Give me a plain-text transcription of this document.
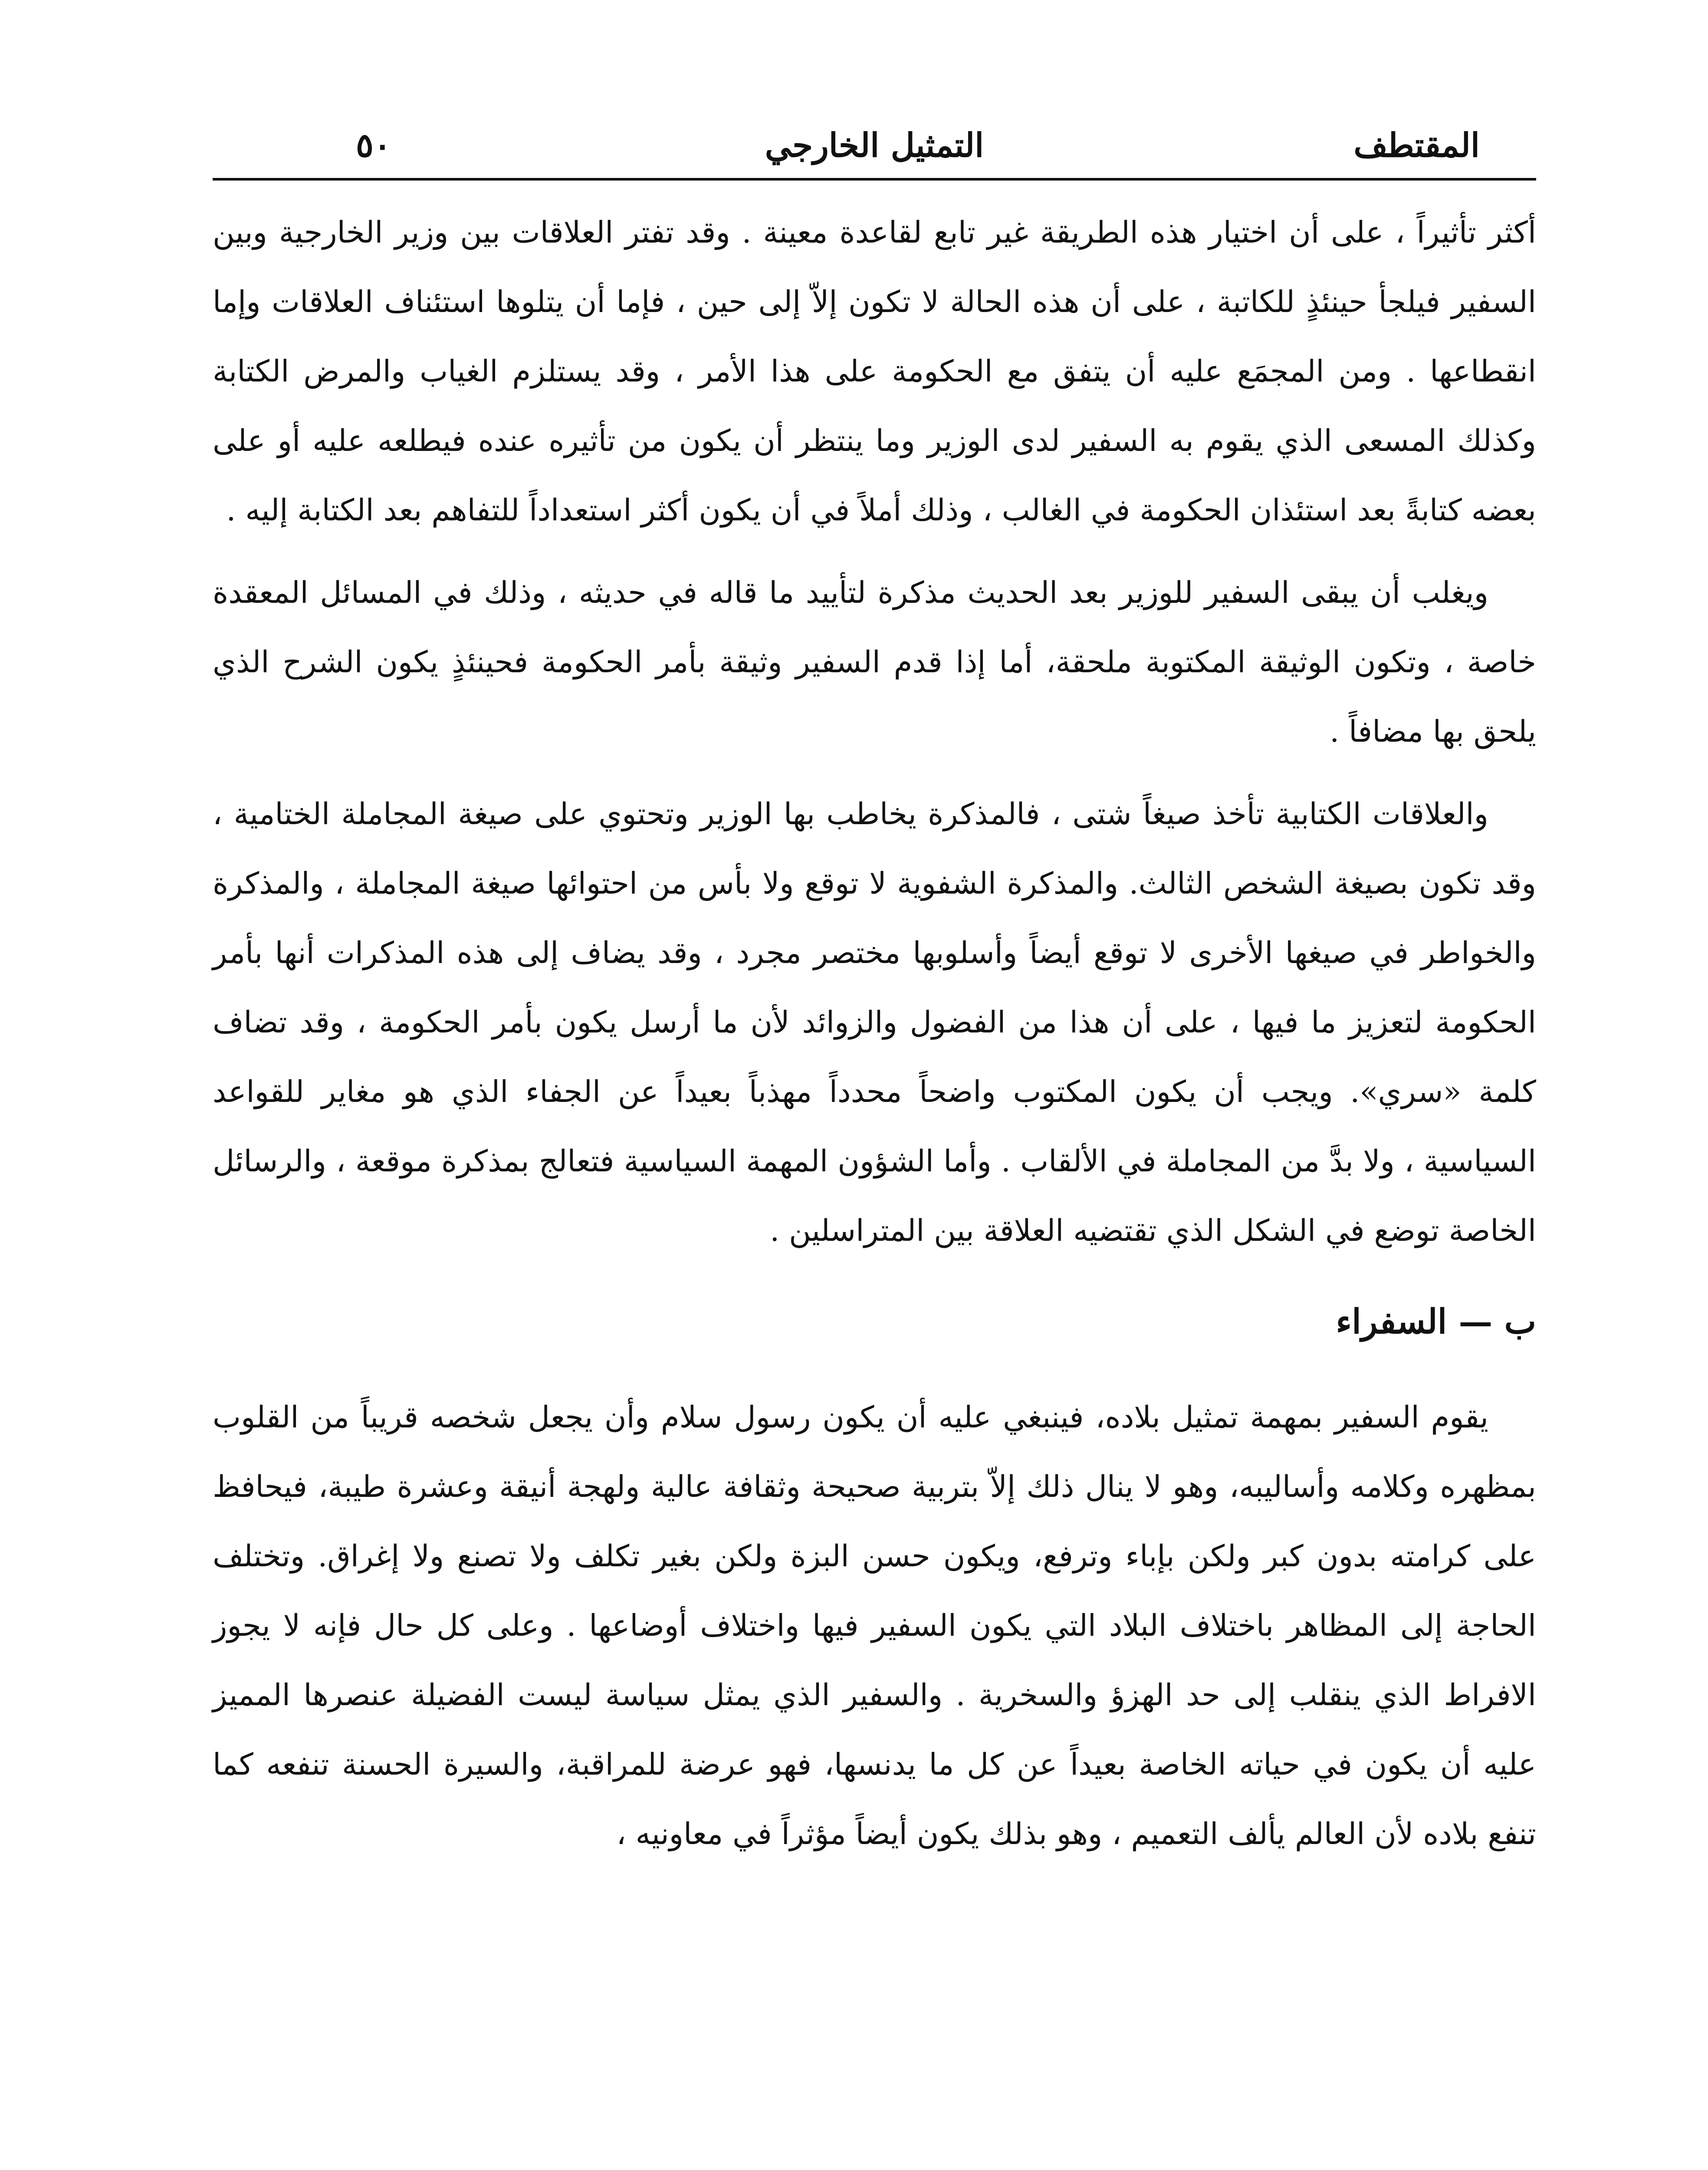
المقتطف
التمثيل الخارجي
٥٠

أكثر تأثيراً ، على أن اختيار هذه الطريقة غير تابع لقاعدة معينة . وقد تفتر العلاقات بين وزير الخارجية وبين السفير فيلجأ حينئذٍ للكاتبة ، على أن هذه الحالة لا تكون إلاّ إلى حين ، فإما أن يتلوها استئناف العلاقات وإما انقطاعها . ومن المجمَع عليه أن يتفق مع الحكومة على هذا الأمر ، وقد يستلزم الغياب والمرض الكتابة وكذلك المسعى الذي يقوم به السفير لدى الوزير وما ينتظر أن يكون من تأثيره عنده فيطلعه عليه أو على بعضه كتابةً بعد استئذان الحكومة في الغالب ، وذلك أملاً في أن يكون أكثر استعداداً للتفاهم بعد الكتابة إليه .

ويغلب أن يبقى السفير للوزير بعد الحديث مذكرة لتأييد ما قاله في حديثه ، وذلك في المسائل المعقدة خاصة ، وتكون الوثيقة المكتوبة ملحقة، أما إذا قدم السفير وثيقة بأمر الحكومة فحينئذٍ يكون الشرح الذي يلحق بها مضافاً .

والعلاقات الكتابية تأخذ صيغاً شتى ، فالمذكرة يخاطب بها الوزير وتحتوي على صيغة المجاملة الختامية ، وقد تكون بصيغة الشخص الثالث. والمذكرة الشفوية لا توقع ولا بأس من احتوائها صيغة المجاملة ، والمذكرة والخواطر في صيغها الأخرى لا توقع أيضاً وأسلوبها مختصر مجرد ، وقد يضاف إلى هذه المذكرات أنها بأمر الحكومة لتعزيز ما فيها ، على أن هذا من الفضول والزوائد لأن ما أرسل يكون بأمر الحكومة ، وقد تضاف كلمة «سري». ويجب أن يكون المكتوب واضحاً محدداً مهذباً بعيداً عن الجفاء الذي هو مغاير للقواعد السياسية ، ولا بدَّ من المجاملة في الألقاب . وأما الشؤون المهمة السياسية فتعالج بمذكرة موقعة ، والرسائل الخاصة توضع في الشكل الذي تقتضيه العلاقة بين المتراسلين .

ب — السفراء

يقوم السفير بمهمة تمثيل بلاده، فينبغي عليه أن يكون رسول سلام وأن يجعل شخصه قريباً من القلوب بمظهره وكلامه وأساليبه، وهو لا ينال ذلك إلاّ بتربية صحيحة وثقافة عالية ولهجة أنيقة وعشرة طيبة، فيحافظ على كرامته بدون كبر ولكن بإباء وترفع، ويكون حسن البزة ولكن بغير تكلف ولا تصنع ولا إغراق. وتختلف الحاجة إلى المظاهر باختلاف البلاد التي يكون السفير فيها واختلاف أوضاعها . وعلى كل حال فإنه لا يجوز الافراط الذي ينقلب إلى حد الهزؤ والسخرية . والسفير الذي يمثل سياسة ليست الفضيلة عنصرها المميز عليه أن يكون في حياته الخاصة بعيداً عن كل ما يدنسها، فهو عرضة للمراقبة، والسيرة الحسنة تنفعه كما تنفع بلاده لأن العالم يألف التعميم ، وهو بذلك يكون أيضاً مؤثراً في معاونيه ،
